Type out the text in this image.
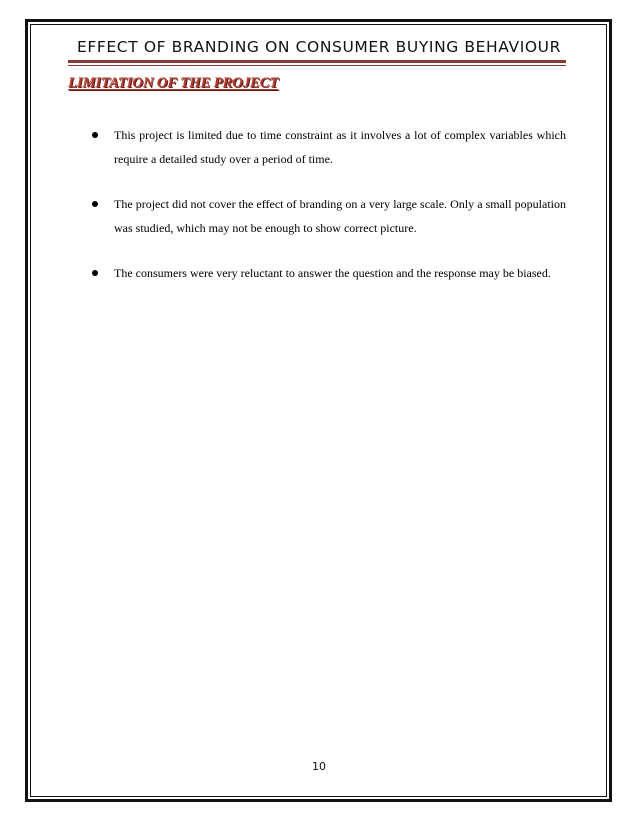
EFFECT OF BRANDING ON CONSUMER BUYING BEHAVIOUR
LIMITATION OF THE PROJECT
This project is limited due to time constraint as it involves a lot of complex variables which require a detailed study over a period of time.
The project did not cover the effect of branding on a very large scale. Only a small population was studied, which may not be enough to show correct picture.
The consumers were very reluctant to answer the question and the response may be biased.
10
